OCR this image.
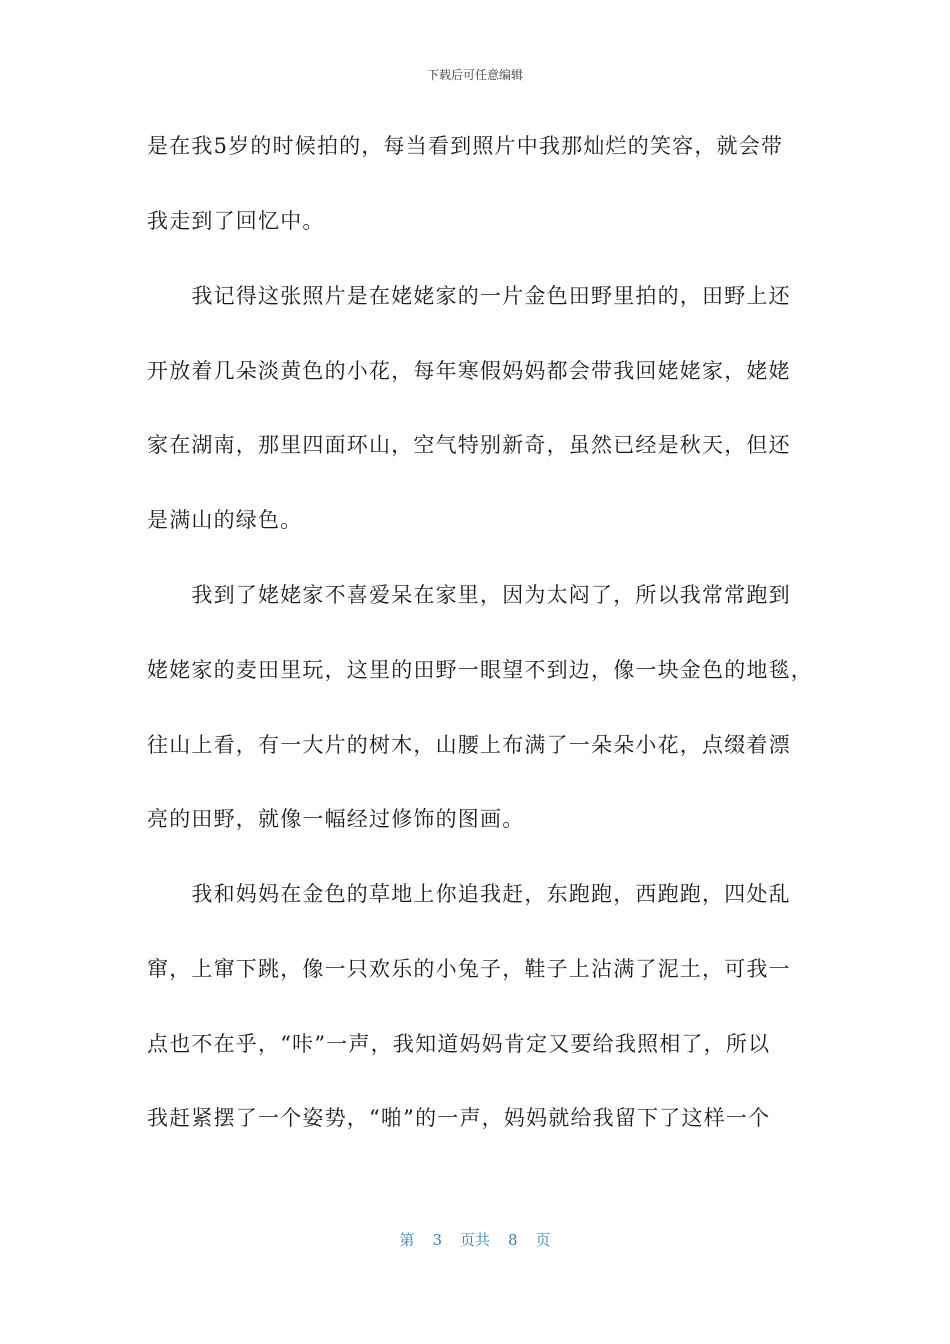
下载后可任意编辑
是在我5岁的时候拍的，每当看到照片中我那灿烂的笑容，就会带
我走到了回忆中。
　　我记得这张照片是在姥姥家的一片金色田野里拍的，田野上还
开放着几朵淡黄色的小花，每年寒假妈妈都会带我回姥姥家，姥姥
家在湖南，那里四面环山，空气特别新奇，虽然已经是秋天，但还
是满山的绿色。
　　我到了姥姥家不喜爱呆在家里，因为太闷了，所以我常常跑到
姥姥家的麦田里玩，这里的田野一眼望不到边，像一块金色的地毯，
往山上看，有一大片的树木，山腰上布满了一朵朵小花，点缀着漂
亮的田野，就像一幅经过修饰的图画。
　　我和妈妈在金色的草地上你追我赶，东跑跑，西跑跑，四处乱
窜，上窜下跳，像一只欢乐的小兔子，鞋子上沾满了泥土，可我一
点也不在乎，“咔”一声，我知道妈妈肯定又要给我照相了，所以
我赶紧摆了一个姿势，“啪”的一声，妈妈就给我留下了这样一个
第 3 页共 8 页
